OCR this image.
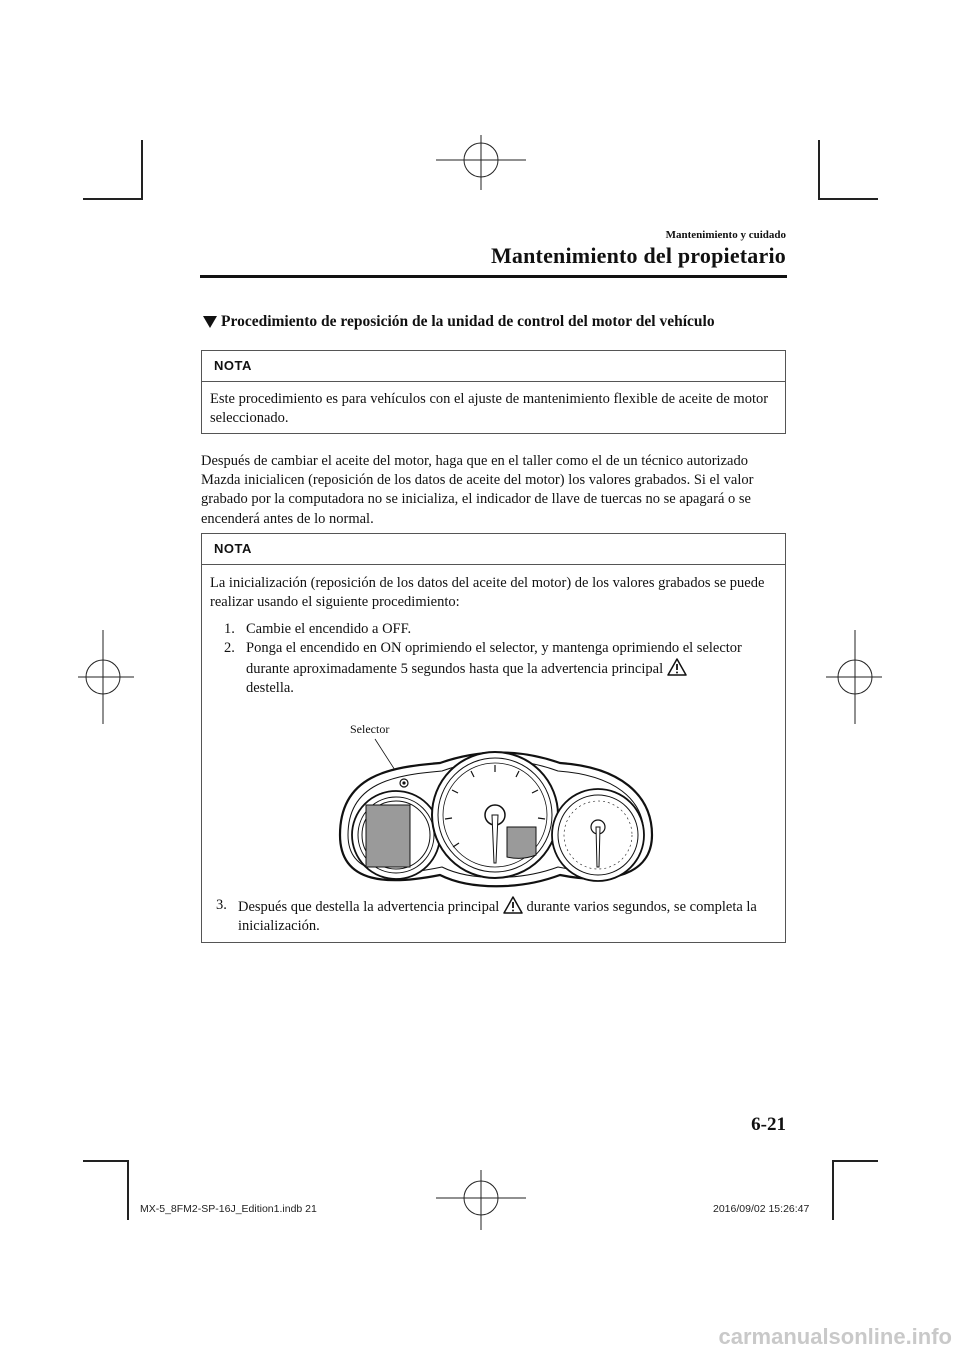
Mantenimiento y cuidado
Mantenimiento del propietario
Procedimiento de reposición de la unidad de control del motor del vehículo
NOTA
Este procedimiento es para vehículos con el ajuste de mantenimiento flexible de aceite de motor seleccionado.
Después de cambiar el aceite del motor, haga que en el taller como el de un técnico autorizado Mazda inicialicen (reposición de los datos de aceite del motor) los valores grabados. Si el valor grabado por la computadora no se inicializa, el indicador de llave de tuercas no se apagará o se encenderá antes de lo normal.
NOTA
La inicialización (reposición de los datos del aceite del motor) de los valores grabados se puede realizar usando el siguiente procedimiento:
1. Cambie el encendido a OFF.
2. Ponga el encendido en ON oprimiendo el selector, y mantenga oprimiendo el selector durante aproximadamente 5 segundos hasta que la advertencia principal
destella.
Selector
3. Después que destella la advertencia principal durante varios segundos, se completa la inicialización.
6-21
MX-5_8FM2-SP-16J_Edition1.indb 21	2016/09/02 15:26:47
carmanualsonline.info
